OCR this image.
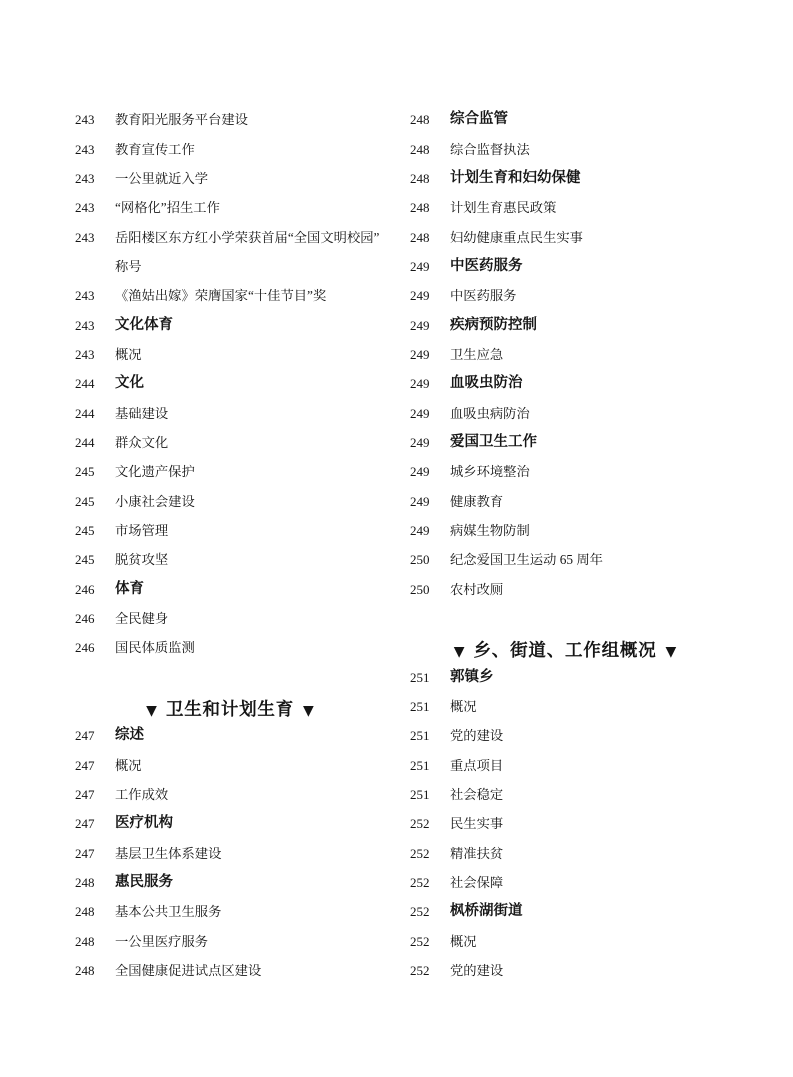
243	教育阳光服务平台建设
243	教育宣传工作
243	一公里就近入学
243	“网格化”招生工作
243	岳阳楼区东方红小学荣获首届“全国文明校园”
称号
243	《渔姑出嫁》荣膺国家“十佳节目”奖
243	文化体育
243	概况
244	文化
244	基础建设
244	群众文化
245	文化遗产保护
245	小康社会建设
245	市场管理
245	脱贫攻坚
246	体育
246	全民健身
246	国民体质监测
▼ 卫生和计划生育▼
247	综述
247	概况
247	工作成效
247	医疗机构
247	基层卫生体系建设
248	惠民服务
248	基本公共卫生服务
248	一公里医疗服务
248	全国健康促进试点区建设
248	综合监管
248	综合监督执法
248	计划生育和妇幼保健
248	计划生育惠民政策
248	妇幼健康重点民生实事
249	中医药服务
249	中医药服务
249	疾病预防控制
249	卫生应急
249	血吸虫防治
249	血吸虫病防治
249	爱国卫生工作
249	城乡环境整治
249	健康教育
249	病媒生物防制
250	纪念爱国卫生运动 65 周年
250	农村改厕
▼ 乡、街道、工作组概况▼
251	郭镇乡
251	概况
251	党的建设
251	重点项目
251	社会稳定
252	民生实事
252	精准扶贫
252	社会保障
252	枫桥湖街道
252	概况
252	党的建设
